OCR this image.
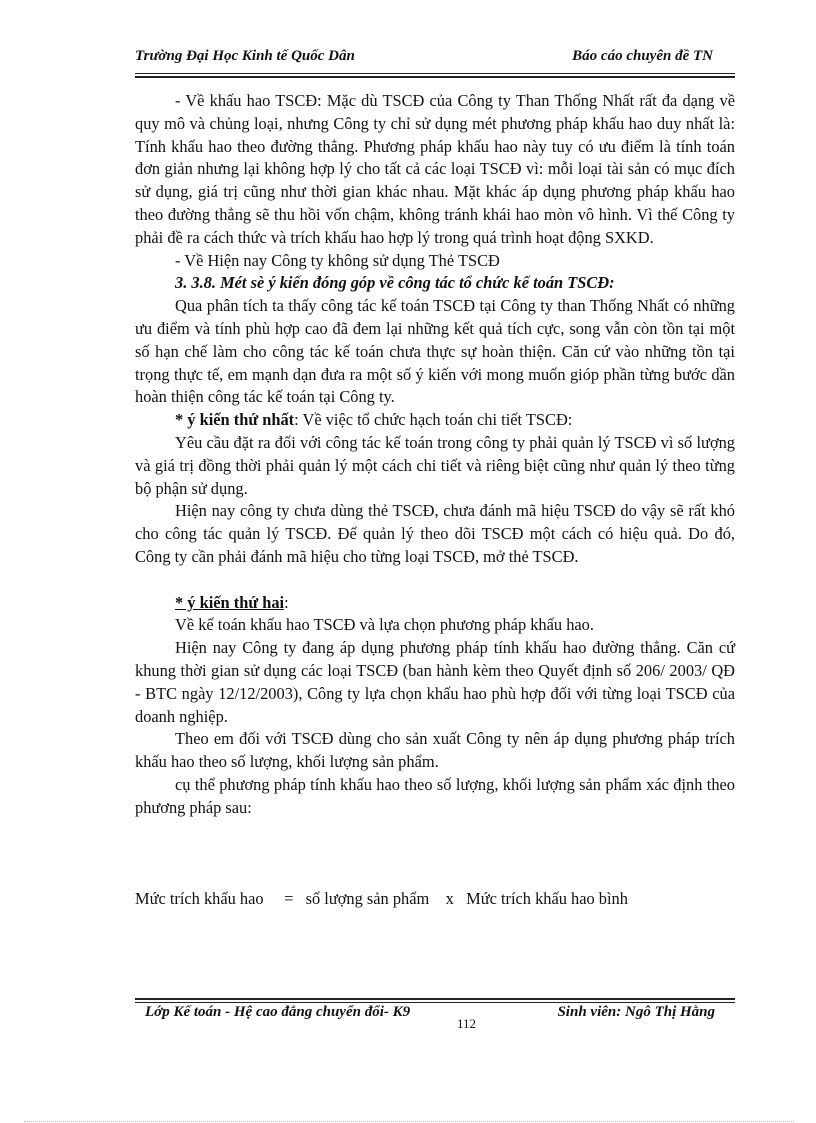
Trường Đại Học Kinh tế Quốc Dân	Báo cáo chuyên đề TN

- Về khấu hao TSCĐ: Mặc dù TSCĐ của Công ty Than Thống Nhất rất đa dạng về quy mô và chủng loại, nhưng Công ty chỉ sử dụng mét phương pháp khấu hao duy nhất là: Tính khấu hao theo đường thẳng. Phương pháp khấu hao này tuy có ưu điểm là tính toán đơn giản nhưng lại không hợp lý cho tất cả các loại TSCĐ vì: mỗi loại tài sản có mục đích sử dụng, giá trị cũng như thời gian khác nhau. Mặt khác áp dụng phương pháp khấu hao theo đường thẳng sẽ thu hồi vốn chậm, không tránh khái hao mòn vô hình. Vì thế Công ty phải đề ra cách thức và trích khấu hao hợp lý trong quá trình hoạt động SXKD.

- Về Hiện nay Công ty không sử dụng Thẻ TSCĐ

3. 3.8. Mét sè ý kiến đóng góp về công tác tổ chức kế toán TSCĐ:

Qua phân tích ta thấy công tác kế toán TSCĐ tại Công ty than Thống Nhất có những ưu điểm và tính phù hợp cao đã đem lại những kết quả tích cực, song vẫn còn tồn tại một số hạn chế làm cho công tác kế toán chưa thực sự hoàn thiện. Căn cứ vào những tồn tại trọng thực tế, em mạnh dạn đưa ra một số ý kiến với mong muốn gióp phần từng bước dần hoàn thiện công tác kế toán tại Công ty.

* ý kiến thứ nhất: Về việc tổ chức hạch toán chi tiết TSCĐ:

Yêu cầu đặt ra đối với công tác kế toán trong công ty phải quản lý TSCĐ vì số lượng và giá trị đồng thời phải quản lý một cách chi tiết và riêng biệt cũng như quản lý theo từng bộ phận sử dụng.

Hiện nay công ty chưa dùng thẻ TSCĐ, chưa đánh mã hiệu TSCĐ do vậy sẽ rất khó cho công tác quản lý TSCĐ. Để quản lý theo dõi TSCĐ một cách có hiệu quả. Do đó, Công ty cần phải đánh mã hiệu cho từng loại TSCĐ, mở thẻ TSCĐ.

* ý kiến thứ hai:

Về kế toán khấu hao TSCĐ và lựa chọn phương pháp khấu hao.

Hiện nay Công ty đang áp dụng phương pháp tính khấu hao đường thẳng. Căn cứ khung thời gian sử dụng các loại TSCĐ (ban hành kèm theo Quyết định số 206/ 2003/ QĐ - BTC ngày 12/12/2003), Công ty lựa chọn khấu hao phù hợp đối với từng loại TSCĐ của doanh nghiệp.

Theo em đối với TSCĐ dùng cho sản xuất Công ty nên áp dụng phương pháp trích khấu hao theo số lượng, khối lượng sản phẩm.

cụ thể phương pháp tính khấu hao theo số lượng, khối lượng sản phẩm xác định theo phương pháp sau:

Mức trích khấu hao     =   số lượng sản phẩm    x   Mức trích khấu hao bình

Lớp Kế toán - Hệ cao đẳng chuyển đổi- K9
112
Sinh viên: Ngô Thị Hằng
